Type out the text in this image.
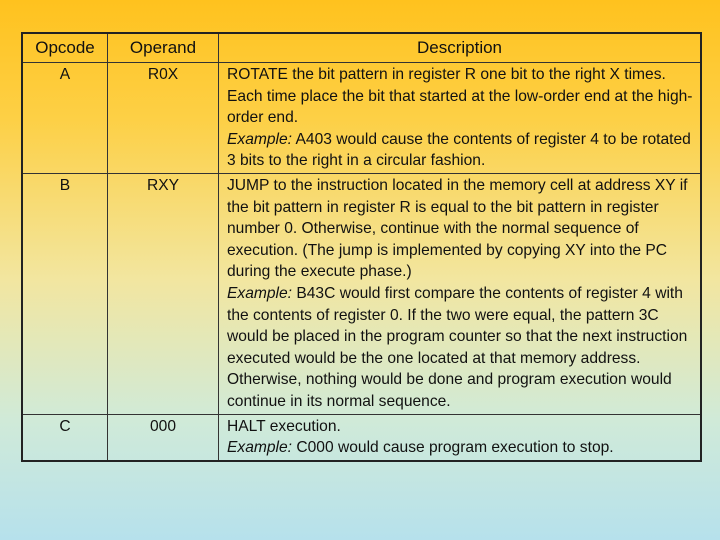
Opcode	Operand	Description
A	R0X	ROTATE the bit pattern in register R one bit to the right X times. Each time place the bit that started at the low-order end at the high-order end.
Example: A403 would cause the contents of register 4 to be rotated 3 bits to the right in a circular fashion.
B	RXY	JUMP to the instruction located in the memory cell at address XY if the bit pattern in register R is equal to the bit pattern in register number 0. Otherwise, continue with the normal sequence of execution. (The jump is implemented by copying XY into the PC during the execute phase.)
Example: B43C would first compare the contents of register 4 with the contents of register 0. If the two were equal, the pattern 3C would be placed in the program counter so that the next instruction executed would be the one located at that memory address. Otherwise, nothing would be done and program execution would continue in its normal sequence.
C	000	HALT execution.
Example: C000 would cause program execution to stop.
